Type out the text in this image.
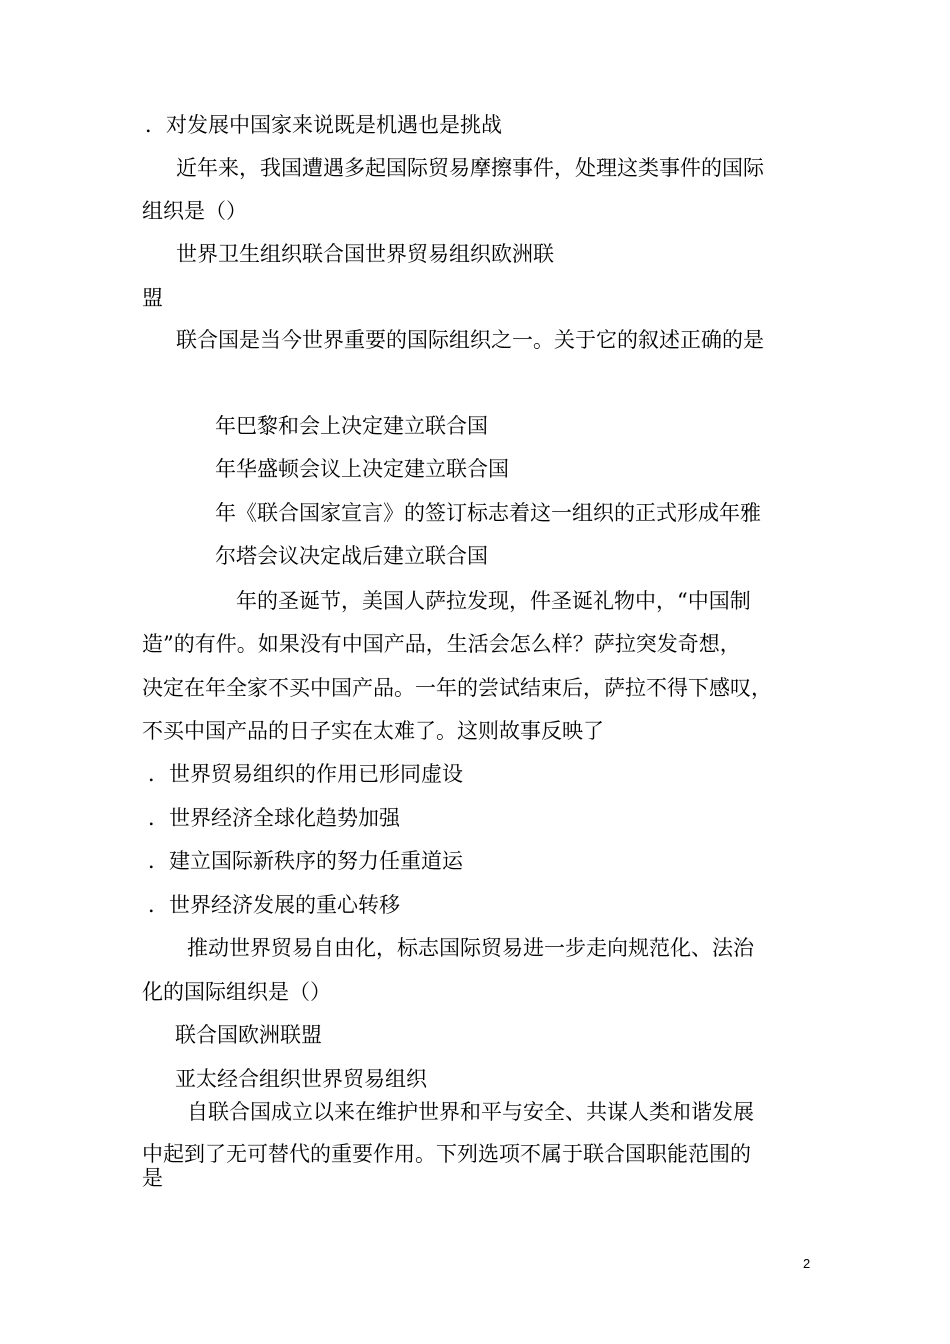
．对发展中国家来说既是机遇也是挑战

近年来，我国遭遇多起国际贸易摩擦事件，处理这类事件的国际

组织是（）

世界卫生组织联合国世界贸易组织欧洲联

盟

联合国是当今世界重要的国际组织之一。关于它的叙述正确的是

年巴黎和会上决定建立联合国

年华盛顿会议上决定建立联合国

年《联合国家宣言》的签订标志着这一组织的正式形成年雅

尔塔会议决定战后建立联合国

年的圣诞节，美国人萨拉发现，件圣诞礼物中，“中国制

造”的有件。如果没有中国产品，生活会怎么样？萨拉突发奇想，

决定在年全家不买中国产品。一年的尝试结束后，萨拉不得下感叹，

不买中国产品的日子实在太难了。这则故事反映了

．世界贸易组织的作用已形同虚设

．世界经济全球化趋势加强

．建立国际新秩序的努力任重道运

．世界经济发展的重心转移

推动世界贸易自由化，标志国际贸易进一步走向规范化、法治

化的国际组织是（）

联合国欧洲联盟

亚太经合组织世界贸易组织

自联合国成立以来在维护世界和平与安全、共谋人类和谐发展

中起到了无可替代的重要作用。下列选项不属于联合国职能范围的

是

2
